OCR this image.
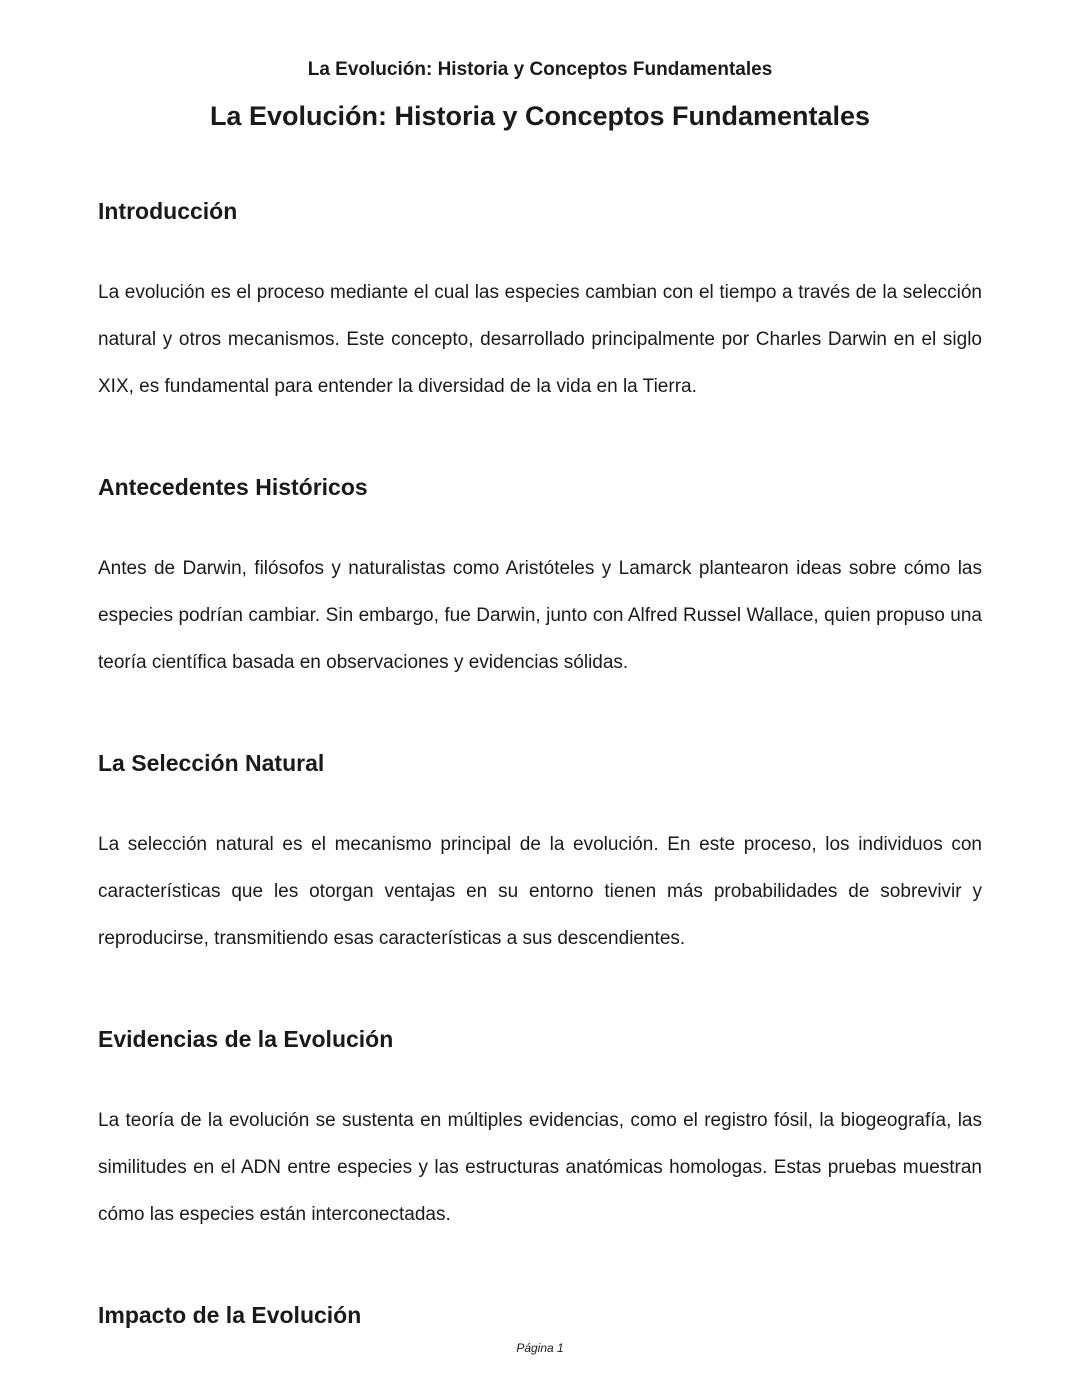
La Evolución: Historia y Conceptos Fundamentales
La Evolución: Historia y Conceptos Fundamentales
Introducción

La evolución es el proceso mediante el cual las especies cambian con el tiempo a través de la selección natural y otros mecanismos. Este concepto, desarrollado principalmente por Charles Darwin en el siglo XIX, es fundamental para entender la diversidad de la vida en la Tierra.

Antecedentes Históricos

Antes de Darwin, filósofos y naturalistas como Aristóteles y Lamarck plantearon ideas sobre cómo las especies podrían cambiar. Sin embargo, fue Darwin, junto con Alfred Russel Wallace, quien propuso una teoría científica basada en observaciones y evidencias sólidas.

La Selección Natural

La selección natural es el mecanismo principal de la evolución. En este proceso, los individuos con características que les otorgan ventajas en su entorno tienen más probabilidades de sobrevivir y reproducirse, transmitiendo esas características a sus descendientes.

Evidencias de la Evolución

La teoría de la evolución se sustenta en múltiples evidencias, como el registro fósil, la biogeografía, las similitudes en el ADN entre especies y las estructuras anatómicas homologas. Estas pruebas muestran cómo las especies están interconectadas.

Impacto de la Evolución
Página 1
